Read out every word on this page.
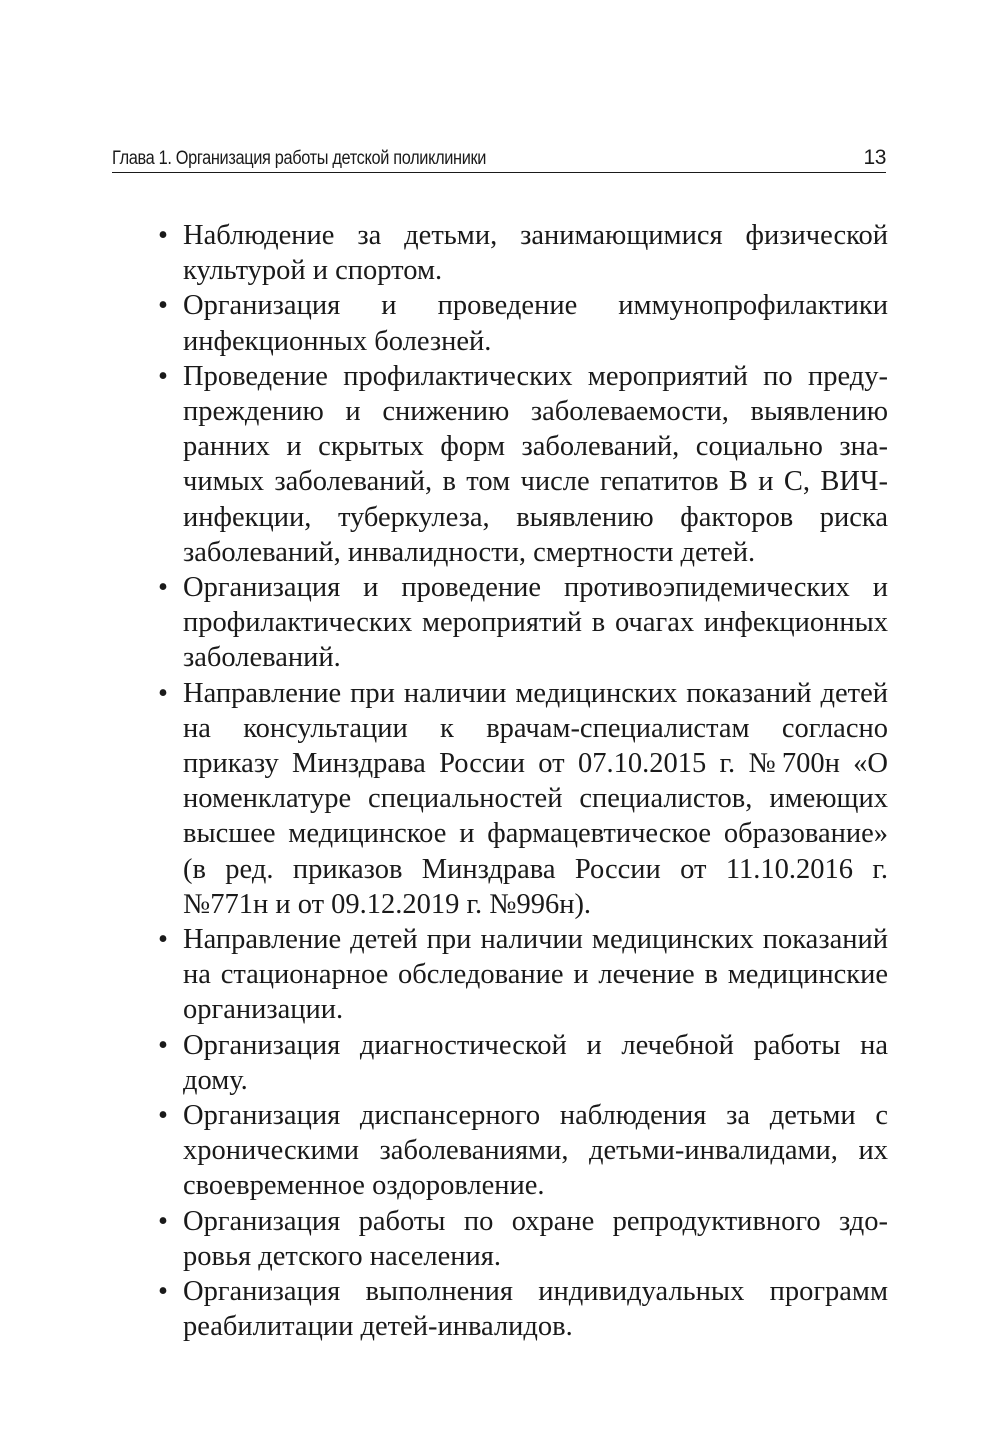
Глава 1. Организация работы детской поликлиники	13
• Наблюдение за детьми, занимающимися физической культурой и спортом.
• Организация и проведение иммунопрофилактики инфекционных болезней.
• Проведение профилактических мероприятий по предупреждению и снижению заболеваемости, выявлению ранних и скрытых форм заболеваний, социально значимых заболеваний, в том числе гепатитов В и С, ВИЧ-инфекции, туберкулеза, выявлению факторов риска заболеваний, инвалидности, смертности детей.
• Организация и проведение противоэпидемических и профилактических мероприятий в очагах инфекционных заболеваний.
• Направление при наличии медицинских показаний детей на консультации к врачам-специалистам согласно приказу Минздрава России от 07.10.2015 г. №700н «О номенклатуре специальностей специалистов, имеющих высшее медицинское и фармацевтическое образование» (в ред. приказов Минздрава России от 11.10.2016 г. №771н и от 09.12.2019 г. №996н).
• Направление детей при наличии медицинских показаний на стационарное обследование и лечение в медицинские организации.
• Организация диагностической и лечебной работы на дому.
• Организация диспансерного наблюдения за детьми с хроническими заболеваниями, детьми-инвалидами, их своевременное оздоровление.
• Организация работы по охране репродуктивного здоровья детского населения.
• Организация выполнения индивидуальных программ реабилитации детей-инвалидов.
